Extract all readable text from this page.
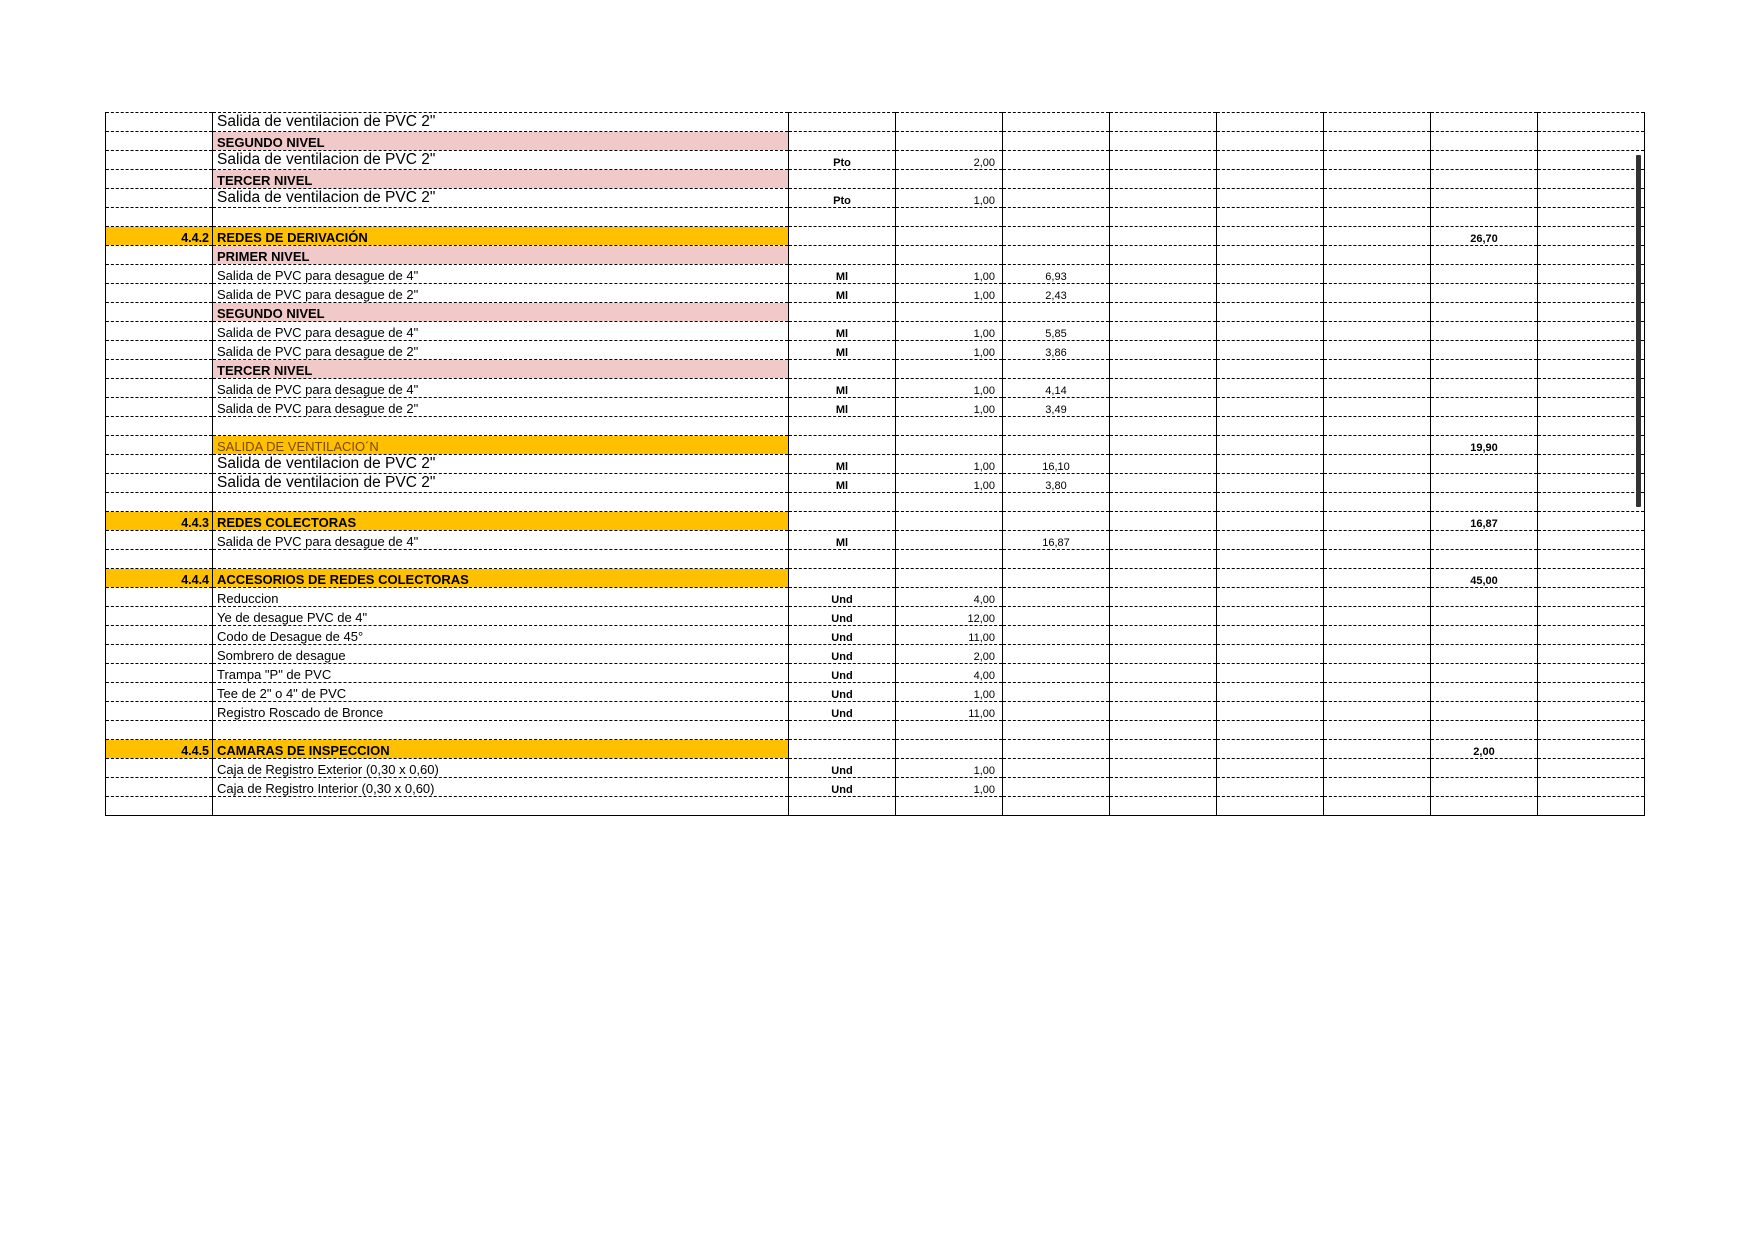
	Salida de ventilacion de PVC 2"								
	SEGUNDO NIVEL								
	Salida de ventilacion de PVC 2"	Pto	2,00						
	TERCER NIVEL								
	Salida de ventilacion de PVC 2"	Pto	1,00						

4.4.2	REDES DE DERIVACIÓN							26,70	
	PRIMER NIVEL								
	Salida de PVC para desague de 4"	Ml	1,00	6,93					
	Salida de PVC para desague de 2"	Ml	1,00	2,43					
	SEGUNDO NIVEL								
	Salida de PVC para desague de 4"	Ml	1,00	5,85					
	Salida de PVC para desague de 2"	Ml	1,00	3,86					
	TERCER NIVEL								
	Salida de PVC para desague de 4"	Ml	1,00	4,14					
	Salida de PVC para desague de 2"	Ml	1,00	3,49					

	SALIDA DE VENTILACIO´N							19,90	
	Salida de ventilacion de PVC 2"	Ml	1,00	16,10					
	Salida de ventilacion de PVC 2"	Ml	1,00	3,80					

4.4.3	REDES COLECTORAS							16,87	
	Salida de PVC para desague de 4"	Ml		16,87					

4.4.4	ACCESORIOS DE REDES COLECTORAS							45,00	
	Reduccion	Und	4,00						
	Ye de desague PVC de 4"	Und	12,00						
	Codo de Desague de 45°	Und	11,00						
	Sombrero de desague	Und	2,00						
	Trampa "P" de PVC	Und	4,00						
	Tee de 2" o 4" de PVC	Und	1,00						
	Registro Roscado de Bronce	Und	11,00						

4.4.5	CAMARAS DE INSPECCION							2,00	
	Caja de Registro Exterior (0,30 x 0,60)	Und	1,00						
	Caja de Registro Interior (0,30 x 0,60)	Und	1,00						
